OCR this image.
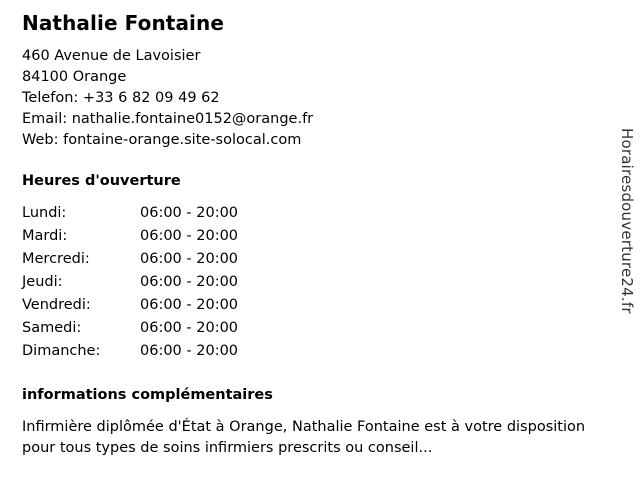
Nathalie Fontaine
460 Avenue de Lavoisier
84100 Orange
Telefon: +33 6 82 09 49 62
Email: nathalie.fontaine0152@orange.fr
Web: fontaine-orange.site-solocal.com
Heures d'ouverture
Lundi:	06:00 - 20:00
Mardi:	06:00 - 20:00
Mercredi:	06:00 - 20:00
Jeudi:	06:00 - 20:00
Vendredi:	06:00 - 20:00
Samedi:	06:00 - 20:00
Dimanche:	06:00 - 20:00
informations complémentaires
Infirmière diplômée d'État à Orange, Nathalie Fontaine est à votre disposition pour tous types de soins infirmiers prescrits ou conseil...
Horairesdouverture24.fr
